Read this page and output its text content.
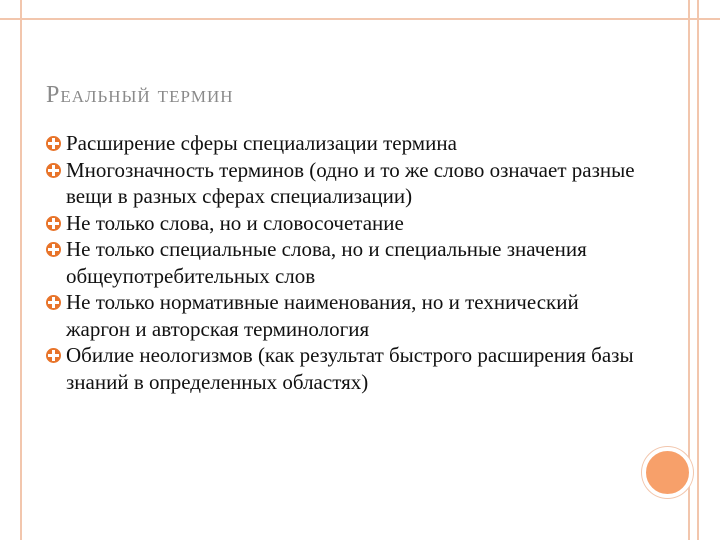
Реальный термин
Расширение сферы специализации термина
Многозначность терминов (одно и то же слово означает разные вещи в разных сферах специализации)
Не только слова, но и словосочетание
Не только специальные слова, но и специальные значения общеупотребительных слов
Не только нормативные наименования, но и технический жаргон и авторская терминология
Обилие неологизмов (как результат быстрого расширения базы знаний в определенных областях)
